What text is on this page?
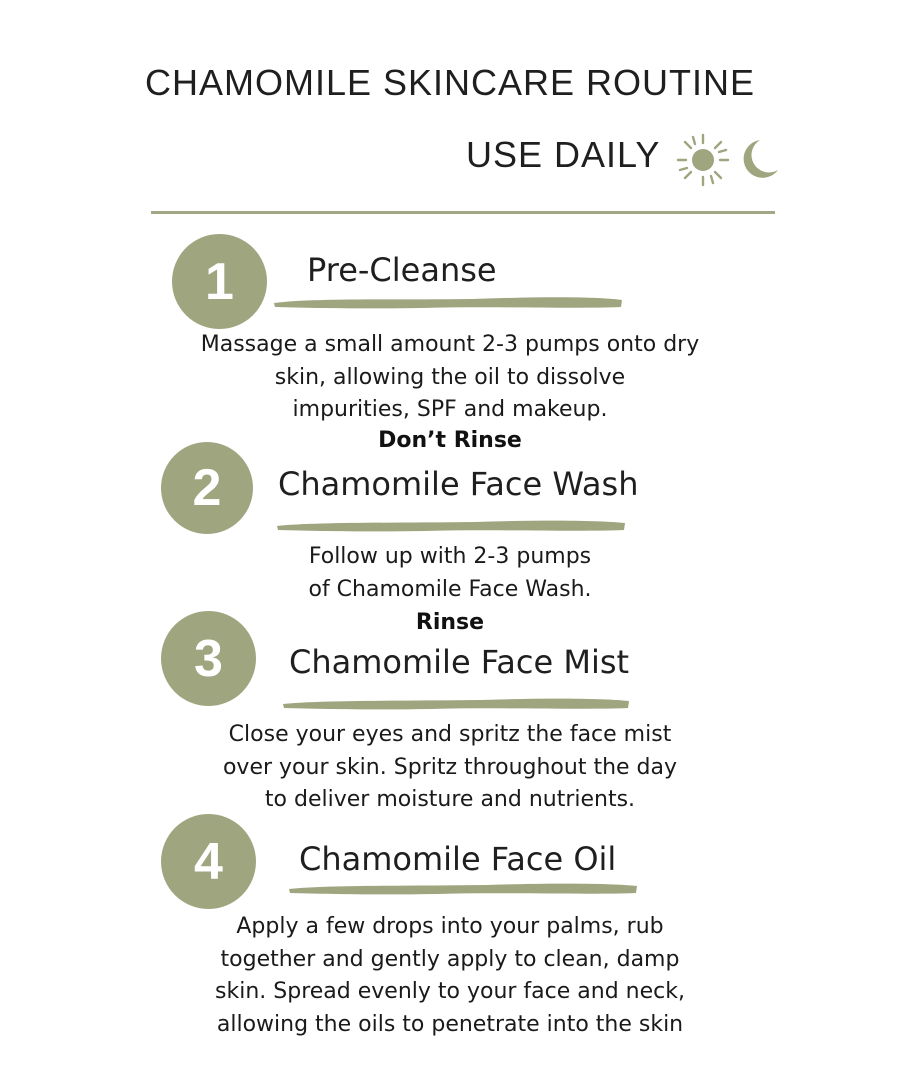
CHAMOMILE SKINCARE ROUTINE
USE DAILY
1	Pre-Cleanse
Massage a small amount 2-3 pumps onto dry
skin, allowing the oil to dissolve
impurities, SPF and makeup.
Don’t Rinse
2	Chamomile Face Wash
Follow up with 2-3 pumps
of Chamomile Face Wash.
Rinse
3	Chamomile Face Mist
Close your eyes and spritz the face mist
over your skin. Spritz throughout the day
to deliver moisture and nutrients.
4	Chamomile Face Oil
Apply a few drops into your palms, rub
together and gently apply to clean, damp
skin. Spread evenly to your face and neck,
allowing the oils to penetrate into the skin
